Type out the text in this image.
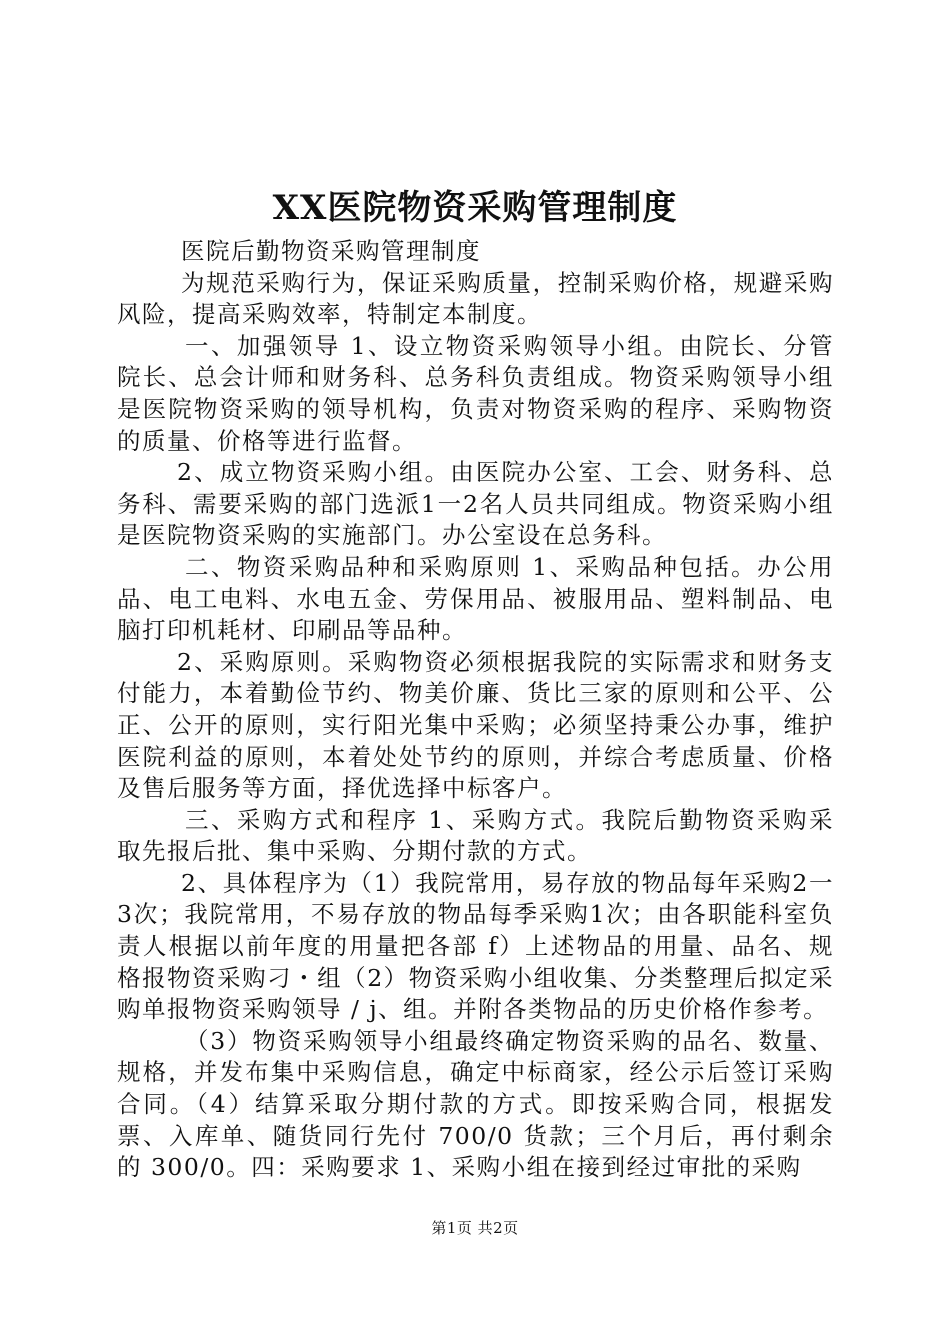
XX医院物资采购管理制度

医院后勤物资采购管理制度

为规范采购行为，保证采购质量，控制采购价格，规避采购风险，提高采购效率，特制定本制度。

一、加强领导 1、设立物资采购领导小组。由院长、分管院长、总会计师和财务科、总务科负责组成。物资采购领导小组是医院物资采购的领导机构，负责对物资采购的程序、采购物资的质量、价格等进行监督。

2、成立物资采购小组。由医院办公室、工会、财务科、总务科、需要采购的部门选派1一2名人员共同组成。物资采购小组是医院物资采购的实施部门。办公室设在总务科。

二、物资采购品种和采购原则 1、采购品种包括。办公用品、电工电料、水电五金、劳保用品、被服用品、塑料制品、电脑打印机耗材、印刷品等品种。

2、采购原则。采购物资必须根据我院的实际需求和财务支付能力，本着勤俭节约、物美价廉、货比三家的原则和公平、公正、公开的原则，实行阳光集中采购；必须坚持秉公办事，维护医院利益的原则，本着处处节约的原则，并综合考虑质量、价格及售后服务等方面，择优选择中标客户。

三、采购方式和程序 1、采购方式。我院后勤物资采购采取先报后批、集中采购、分期付款的方式。

2、具体程序为（1）我院常用，易存放的物品每年采购2一3次；我院常用，不易存放的物品每季采购1次；由各职能科室负责人根据以前年度的用量把各部 f）上述物品的用量、品名、规格报物资采购刁・组（2）物资采购小组收集、分类整理后拟定采购单报物资采购领导 / j、组。并附各类物品的历史价格作参考。

（3）物资采购领导小组最终确定物资采购的品名、数量、规格，并发布集中采购信息，确定中标商家，经公示后签订采购合同。（4）结算采取分期付款的方式。即按采购合同，根据发票、入库单、随货同行先付 700/0 货款；三个月后，再付剩余的 300/0。四：采购要求 1、采购小组在接到经过审批的采购

第1页 共2页
